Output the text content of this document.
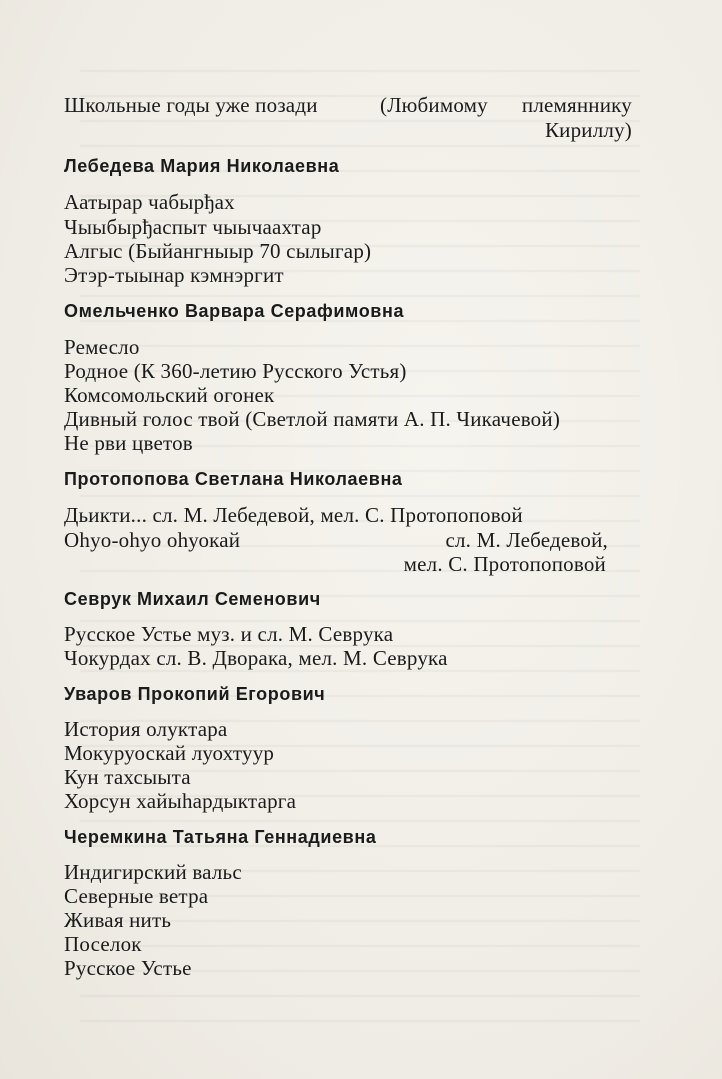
Школьные годы уже позади	(Любимому племяннику
Кириллу)
Лебедева Мария Николаевна
Аатырар чабырђах
Чыыбырђаспыт чыычаахтар
Алгыс (Быйангныыр 70 сылыгар)
Этэр-тыынар кэмнэргит
Омельченко Варвара Серафимовна
Ремесло
Родное (К 360-летию Русского Устья)
Комсомольский огонек
Дивный голос твой (Светлой памяти А. П. Чикачевой)
Не рви цветов
Протопопова Светлана Николаевна
Дьикти... сл. М. Лебедевой, мел. С. Протопоповой
Оhyo-оhyo оhуокай	сл. М. Лебедевой,
мел. С. Протопоповой
Севрук Михаил Семенович
Русское Устье муз. и сл. М. Севрука
Чокурдах сл. В. Дворака, мел. М. Севрука
Уваров Прокопий Егорович
История олуктара
Мокуруоскай луохтуур
Кун тахсыыта
Хорсун хайыhардыктарга
Черемкина Татьяна Геннадиевна
Индигирский вальс
Северные ветра
Живая нить
Поселок
Русское Устье
